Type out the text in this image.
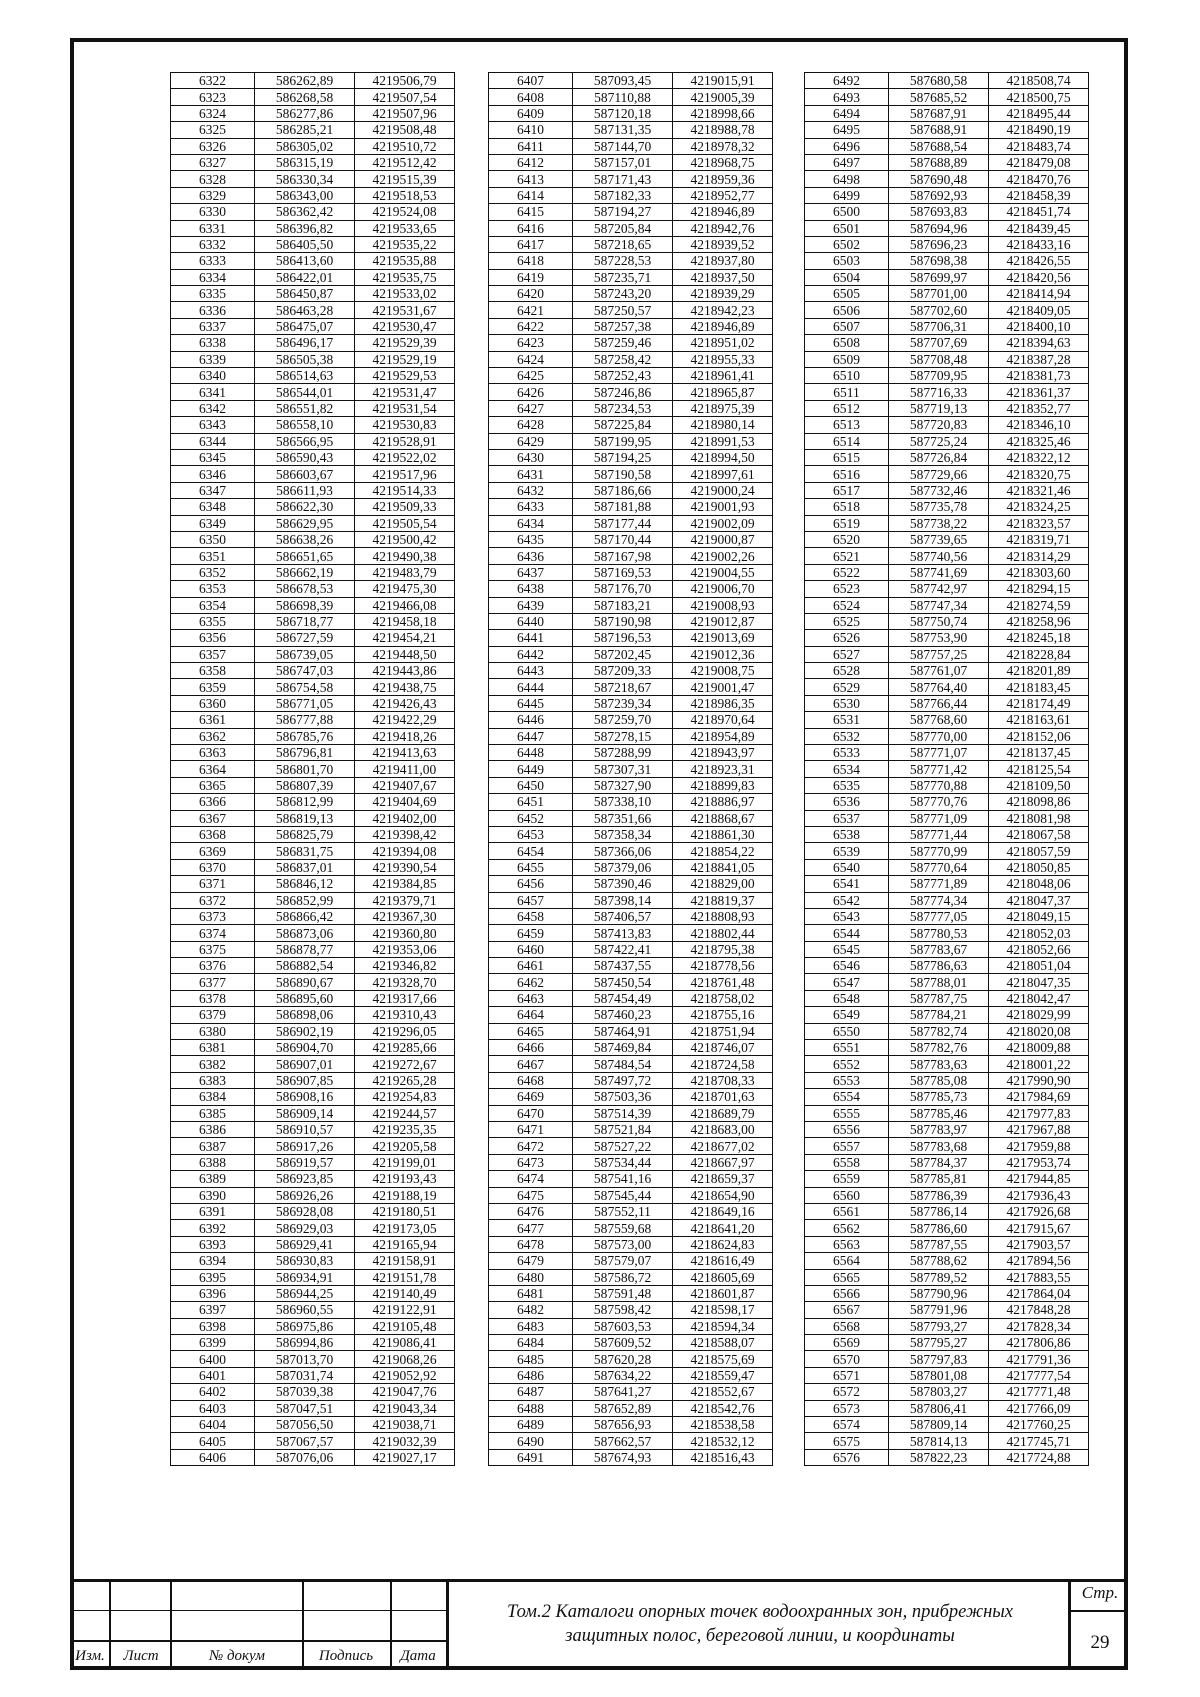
6322	586262,89	4219506,79
6323	586268,58	4219507,54
6324	586277,86	4219507,96
6325	586285,21	4219508,48
6326	586305,02	4219510,72
6327	586315,19	4219512,42
6328	586330,34	4219515,39
6329	586343,00	4219518,53
6330	586362,42	4219524,08
6331	586396,82	4219533,65
6332	586405,50	4219535,22
6333	586413,60	4219535,88
6334	586422,01	4219535,75
6335	586450,87	4219533,02
6336	586463,28	4219531,67
6337	586475,07	4219530,47
6338	586496,17	4219529,39
6339	586505,38	4219529,19
6340	586514,63	4219529,53
6341	586544,01	4219531,47
6342	586551,82	4219531,54
6343	586558,10	4219530,83
6344	586566,95	4219528,91
6345	586590,43	4219522,02
6346	586603,67	4219517,96
6347	586611,93	4219514,33
6348	586622,30	4219509,33
6349	586629,95	4219505,54
6350	586638,26	4219500,42
6351	586651,65	4219490,38
6352	586662,19	4219483,79
6353	586678,53	4219475,30
6354	586698,39	4219466,08
6355	586718,77	4219458,18
6356	586727,59	4219454,21
6357	586739,05	4219448,50
6358	586747,03	4219443,86
6359	586754,58	4219438,75
6360	586771,05	4219426,43
6361	586777,88	4219422,29
6362	586785,76	4219418,26
6363	586796,81	4219413,63
6364	586801,70	4219411,00
6365	586807,39	4219407,67
6366	586812,99	4219404,69
6367	586819,13	4219402,00
6368	586825,79	4219398,42
6369	586831,75	4219394,08
6370	586837,01	4219390,54
6371	586846,12	4219384,85
6372	586852,99	4219379,71
6373	586866,42	4219367,30
6374	586873,06	4219360,80
6375	586878,77	4219353,06
6376	586882,54	4219346,82
6377	586890,67	4219328,70
6378	586895,60	4219317,66
6379	586898,06	4219310,43
6380	586902,19	4219296,05
6381	586904,70	4219285,66
6382	586907,01	4219272,67
6383	586907,85	4219265,28
6384	586908,16	4219254,83
6385	586909,14	4219244,57
6386	586910,57	4219235,35
6387	586917,26	4219205,58
6388	586919,57	4219199,01
6389	586923,85	4219193,43
6390	586926,26	4219188,19
6391	586928,08	4219180,51
6392	586929,03	4219173,05
6393	586929,41	4219165,94
6394	586930,83	4219158,91
6395	586934,91	4219151,78
6396	586944,25	4219140,49
6397	586960,55	4219122,91
6398	586975,86	4219105,48
6399	586994,86	4219086,41
6400	587013,70	4219068,26
6401	587031,74	4219052,92
6402	587039,38	4219047,76
6403	587047,51	4219043,34
6404	587056,50	4219038,71
6405	587067,57	4219032,39
6406	587076,06	4219027,17
6407	587093,45	4219015,91
6408	587110,88	4219005,39
6409	587120,18	4218998,66
6410	587131,35	4218988,78
6411	587144,70	4218978,32
6412	587157,01	4218968,75
6413	587171,43	4218959,36
6414	587182,33	4218952,77
6415	587194,27	4218946,89
6416	587205,84	4218942,76
6417	587218,65	4218939,52
6418	587228,53	4218937,80
6419	587235,71	4218937,50
6420	587243,20	4218939,29
6421	587250,57	4218942,23
6422	587257,38	4218946,89
6423	587259,46	4218951,02
6424	587258,42	4218955,33
6425	587252,43	4218961,41
6426	587246,86	4218965,87
6427	587234,53	4218975,39
6428	587225,84	4218980,14
6429	587199,95	4218991,53
6430	587194,25	4218994,50
6431	587190,58	4218997,61
6432	587186,66	4219000,24
6433	587181,88	4219001,93
6434	587177,44	4219002,09
6435	587170,44	4219000,87
6436	587167,98	4219002,26
6437	587169,53	4219004,55
6438	587176,70	4219006,70
6439	587183,21	4219008,93
6440	587190,98	4219012,87
6441	587196,53	4219013,69
6442	587202,45	4219012,36
6443	587209,33	4219008,75
6444	587218,67	4219001,47
6445	587239,34	4218986,35
6446	587259,70	4218970,64
6447	587278,15	4218954,89
6448	587288,99	4218943,97
6449	587307,31	4218923,31
6450	587327,90	4218899,83
6451	587338,10	4218886,97
6452	587351,66	4218868,67
6453	587358,34	4218861,30
6454	587366,06	4218854,22
6455	587379,06	4218841,05
6456	587390,46	4218829,00
6457	587398,14	4218819,37
6458	587406,57	4218808,93
6459	587413,83	4218802,44
6460	587422,41	4218795,38
6461	587437,55	4218778,56
6462	587450,54	4218761,48
6463	587454,49	4218758,02
6464	587460,23	4218755,16
6465	587464,91	4218751,94
6466	587469,84	4218746,07
6467	587484,54	4218724,58
6468	587497,72	4218708,33
6469	587503,36	4218701,63
6470	587514,39	4218689,79
6471	587521,84	4218683,00
6472	587527,22	4218677,02
6473	587534,44	4218667,97
6474	587541,16	4218659,37
6475	587545,44	4218654,90
6476	587552,11	4218649,16
6477	587559,68	4218641,20
6478	587573,00	4218624,83
6479	587579,07	4218616,49
6480	587586,72	4218605,69
6481	587591,48	4218601,87
6482	587598,42	4218598,17
6483	587603,53	4218594,34
6484	587609,52	4218588,07
6485	587620,28	4218575,69
6486	587634,22	4218559,47
6487	587641,27	4218552,67
6488	587652,89	4218542,76
6489	587656,93	4218538,58
6490	587662,57	4218532,12
6491	587674,93	4218516,43
6492	587680,58	4218508,74
6493	587685,52	4218500,75
6494	587687,91	4218495,44
6495	587688,91	4218490,19
6496	587688,54	4218483,74
6497	587688,89	4218479,08
6498	587690,48	4218470,76
6499	587692,93	4218458,39
6500	587693,83	4218451,74
6501	587694,96	4218439,45
6502	587696,23	4218433,16
6503	587698,38	4218426,55
6504	587699,97	4218420,56
6505	587701,00	4218414,94
6506	587702,60	4218409,05
6507	587706,31	4218400,10
6508	587707,69	4218394,63
6509	587708,48	4218387,28
6510	587709,95	4218381,73
6511	587716,33	4218361,37
6512	587719,13	4218352,77
6513	587720,83	4218346,10
6514	587725,24	4218325,46
6515	587726,84	4218322,12
6516	587729,66	4218320,75
6517	587732,46	4218321,46
6518	587735,78	4218324,25
6519	587738,22	4218323,57
6520	587739,65	4218319,71
6521	587740,56	4218314,29
6522	587741,69	4218303,60
6523	587742,97	4218294,15
6524	587747,34	4218274,59
6525	587750,74	4218258,96
6526	587753,90	4218245,18
6527	587757,25	4218228,84
6528	587761,07	4218201,89
6529	587764,40	4218183,45
6530	587766,44	4218174,49
6531	587768,60	4218163,61
6532	587770,00	4218152,06
6533	587771,07	4218137,45
6534	587771,42	4218125,54
6535	587770,88	4218109,50
6536	587770,76	4218098,86
6537	587771,09	4218081,98
6538	587771,44	4218067,58
6539	587770,99	4218057,59
6540	587770,64	4218050,85
6541	587771,89	4218048,06
6542	587774,34	4218047,37
6543	587777,05	4218049,15
6544	587780,53	4218052,03
6545	587783,67	4218052,66
6546	587786,63	4218051,04
6547	587788,01	4218047,35
6548	587787,75	4218042,47
6549	587784,21	4218029,99
6550	587782,74	4218020,08
6551	587782,76	4218009,88
6552	587783,63	4218001,22
6553	587785,08	4217990,90
6554	587785,73	4217984,69
6555	587785,46	4217977,83
6556	587783,97	4217967,88
6557	587783,68	4217959,88
6558	587784,37	4217953,74
6559	587785,81	4217944,85
6560	587786,39	4217936,43
6561	587786,14	4217926,68
6562	587786,60	4217915,67
6563	587787,55	4217903,57
6564	587788,62	4217894,56
6565	587789,52	4217883,55
6566	587790,96	4217864,04
6567	587791,96	4217848,28
6568	587793,27	4217828,34
6569	587795,27	4217806,86
6570	587797,83	4217791,36
6571	587801,08	4217777,54
6572	587803,27	4217771,48
6573	587806,41	4217766,09
6574	587809,14	4217760,25
6575	587814,13	4217745,71
6576	587822,23	4217724,88
Изм.	Лист	№ докум	Подпись	Дата
Том.2 Каталоги опорных точек водоохранных зон, прибрежных защитных полос, береговой линии, и координаты
Стр.
29
